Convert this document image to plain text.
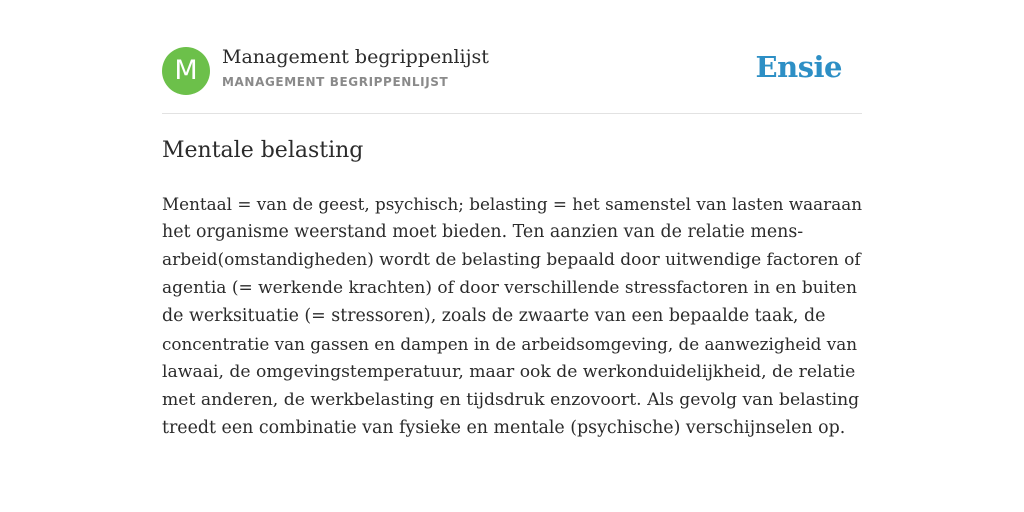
M	Management begrippenlijst
MANAGEMENT BEGRIPPENLIJST	Ensie
Mentale belasting

Mentaal = van de geest, psychisch; belasting = het samenstel van lasten waaraan
het organisme weerstand moet bieden. Ten aanzien van de relatie mens-
arbeid(omstandigheden) wordt de belasting bepaald door uitwendige factoren of
agentia (= werkende krachten) of door verschillende stressfactoren in en buiten
de werksituatie (= stressoren), zoals de zwaarte van een bepaalde taak, de
concentratie van gassen en dampen in de arbeidsomgeving, de aanwezigheid van
lawaai, de omgevingstemperatuur, maar ook de werkonduidelijkheid, de relatie
met anderen, de werkbelasting en tijdsdruk enzovoort. Als gevolg van belasting
treedt een combinatie van fysieke en mentale (psychische) verschijnselen op.
